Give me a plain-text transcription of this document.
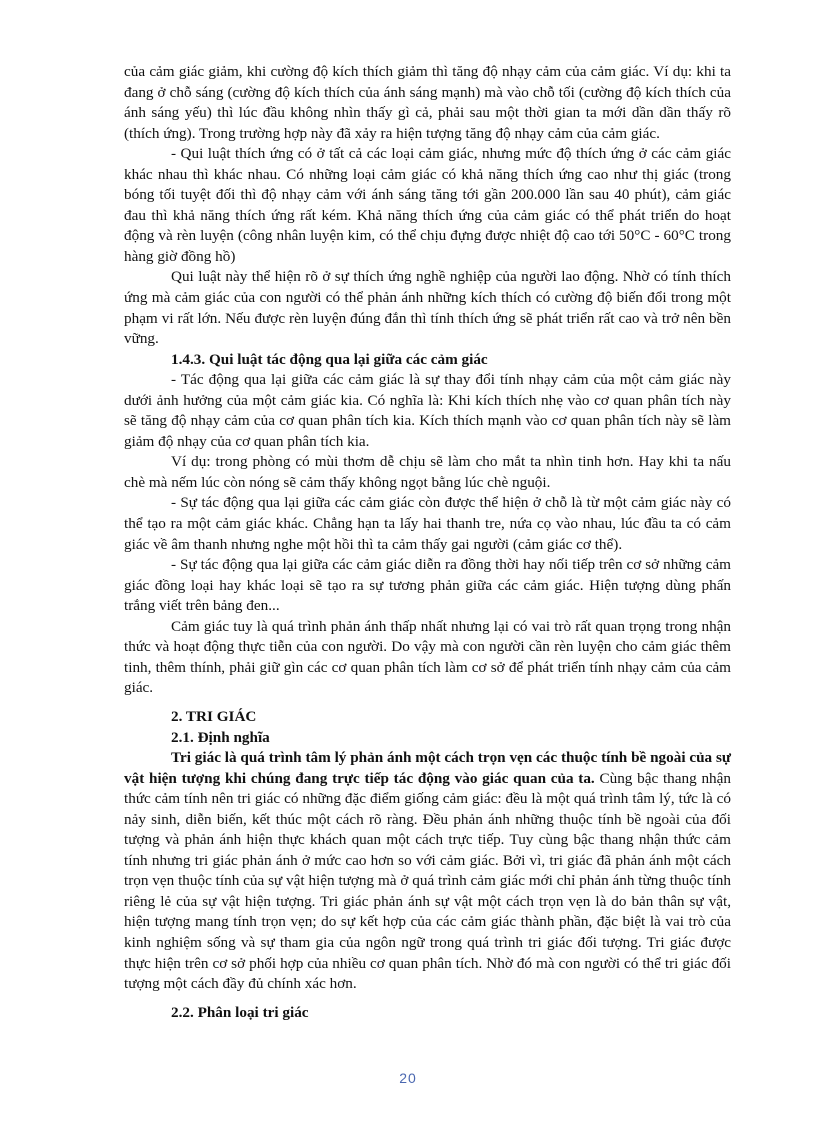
của cảm giác giảm, khi cường độ kích thích giảm thì tăng độ nhạy cảm của cảm giác. Ví dụ: khi ta đang ở chỗ sáng (cường độ kích thích của ánh sáng mạnh) mà vào chỗ tối (cường độ kích thích của ánh sáng yếu) thì lúc đầu không nhìn thấy gì cả, phải sau một thời gian ta mới dần dần thấy rõ (thích ứng). Trong trường hợp này đã xảy ra hiện tượng tăng độ nhạy cảm của cảm giác.

- Qui luật thích ứng có ở tất cả các loại cảm giác, nhưng mức độ thích ứng ở các cảm giác khác nhau thì khác nhau. Có những loại cảm giác có khả năng thích ứng cao như thị giác (trong bóng tối tuyệt đối thì độ nhạy cảm với ánh sáng tăng tới gần 200.000 lần sau 40 phút), cảm giác đau thì khả năng thích ứng rất kém. Khả năng thích ứng của cảm giác có thể phát triển do hoạt động và rèn luyện (công nhân luyện kim, có thể chịu đựng được nhiệt độ cao tới 50°C - 60°C trong hàng giờ đồng hồ)

Qui luật này thể hiện rõ ở sự thích ứng nghề nghiệp của người lao động. Nhờ có tính thích ứng mà cảm giác của con người có thể phản ánh những kích thích có cường độ biến đổi trong một phạm vi rất lớn. Nếu được rèn luyện đúng đắn thì tính thích ứng sẽ phát triển rất cao và trở nên bền vững.

1.4.3. Qui luật tác động qua lại giữa các cảm giác

- Tác động qua lại giữa các cảm giác là sự thay đổi tính nhạy cảm của một cảm giác này dưới ảnh hưởng của một cảm giác kia. Có nghĩa là: Khi kích thích nhẹ vào cơ quan phân tích này sẽ tăng độ nhạy cảm của cơ quan phân tích kia. Kích thích mạnh vào cơ quan phân tích này sẽ làm giảm độ nhạy của cơ quan phân tích kia.

Ví dụ: trong phòng có mùi thơm dễ chịu sẽ làm cho mắt ta nhìn tinh hơn. Hay khi ta nấu chè mà nếm lúc còn nóng sẽ cảm thấy không ngọt bằng lúc chè nguội.

- Sự tác động qua lại giữa các cảm giác còn được thể hiện ở chỗ là từ một cảm giác này có thể tạo ra một cảm giác khác. Chẳng hạn ta lấy hai thanh tre, nứa cọ vào nhau, lúc đầu ta có cảm giác về âm thanh nhưng nghe một hồi thì ta cảm thấy gai người (cảm giác cơ thể).

- Sự tác động qua lại giữa các cảm giác diễn ra đồng thời hay nối tiếp trên cơ sở những cảm giác đồng loại hay khác loại sẽ tạo ra sự tương phản giữa các cảm giác. Hiện tượng dùng phấn trắng viết trên bảng đen...

Cảm giác tuy là quá trình phản ánh thấp nhất nhưng lại có vai trò rất quan trọng trong nhận thức và hoạt động thực tiễn của con người. Do vậy mà con người cần rèn luyện cho cảm giác thêm tinh, thêm thính, phải giữ gìn các cơ quan phân tích làm cơ sở để phát triển tính nhạy cảm của cảm giác.

2. TRI GIÁC

2.1. Định nghĩa

Tri giác là quá trình tâm lý phản ánh một cách trọn vẹn các thuộc tính bề ngoài của sự vật hiện tượng khi chúng đang trực tiếp tác động vào giác quan của ta. Cùng bậc thang nhận thức cảm tính nên tri giác có những đặc điểm giống cảm giác: đều là một quá trình tâm lý, tức là có nảy sinh, diễn biến, kết thúc một cách rõ ràng. Đều phản ánh những thuộc tính bề ngoài của đối tượng và phản ánh hiện thực khách quan một cách trực tiếp. Tuy cùng bậc thang nhận thức cảm tính nhưng tri giác phản ánh ở mức cao hơn so với cảm giác. Bởi vì, tri giác đã phản ánh một cách trọn vẹn thuộc tính của sự vật hiện tượng mà ở quá trình cảm giác mới chỉ phản ánh từng thuộc tính riêng lẻ của sự vật hiện tượng. Tri giác phản ánh sự vật một cách trọn vẹn là do bản thân sự vật, hiện tượng mang tính trọn vẹn; do sự kết hợp của các cảm giác thành phần, đặc biệt là vai trò của kinh nghiệm sống và sự tham gia của ngôn ngữ trong quá trình tri giác đối tượng. Tri giác được thực hiện trên cơ sở phối hợp của nhiều cơ quan phân tích. Nhờ đó mà con người có thể tri giác đối tượng một cách đầy đủ chính xác hơn.

2.2. Phân loại tri giác

20
